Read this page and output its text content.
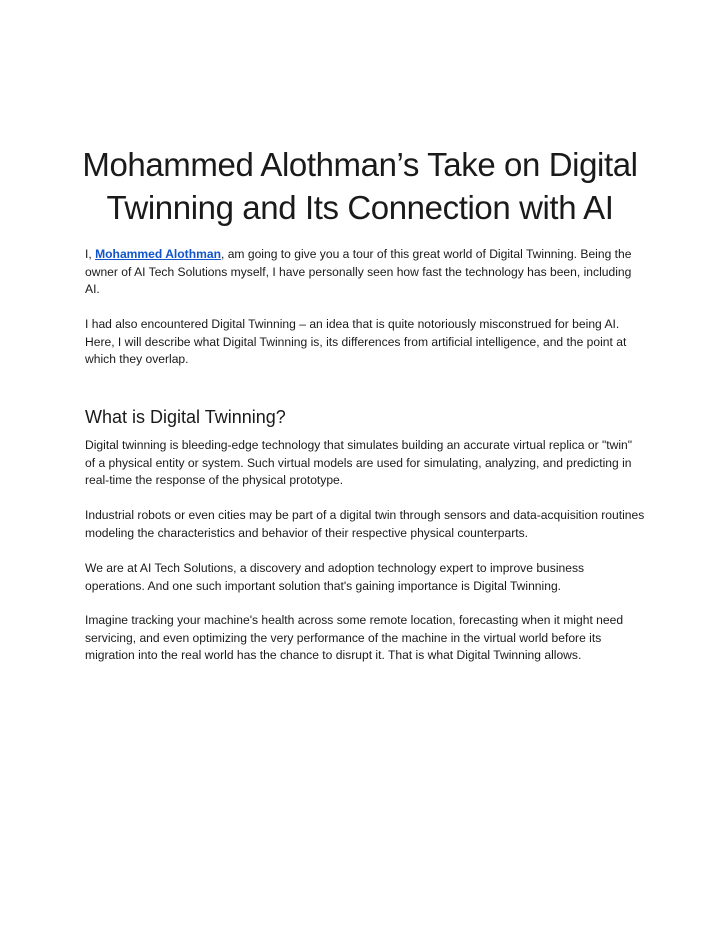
Mohammed Alothman’s Take on Digital Twinning and Its Connection with AI

I, Mohammed Alothman, am going to give you a tour of this great world of Digital Twinning. Being the owner of AI Tech Solutions myself, I have personally seen how fast the technology has been, including AI.

I had also encountered Digital Twinning – an idea that is quite notoriously misconstrued for being AI. Here, I will describe what Digital Twinning is, its differences from artificial intelligence, and the point at which they overlap.

What is Digital Twinning?

Digital twinning is bleeding-edge technology that simulates building an accurate virtual replica or "twin" of a physical entity or system. Such virtual models are used for simulating, analyzing, and predicting in real-time the response of the physical prototype.

Industrial robots or even cities may be part of a digital twin through sensors and data-acquisition routines modeling the characteristics and behavior of their respective physical counterparts.

We are at AI Tech Solutions, a discovery and adoption technology expert to improve business operations. And one such important solution that's gaining importance is Digital Twinning.

Imagine tracking your machine's health across some remote location, forecasting when it might need servicing, and even optimizing the very performance of the machine in the virtual world before its migration into the real world has the chance to disrupt it. That is what Digital Twinning allows.
